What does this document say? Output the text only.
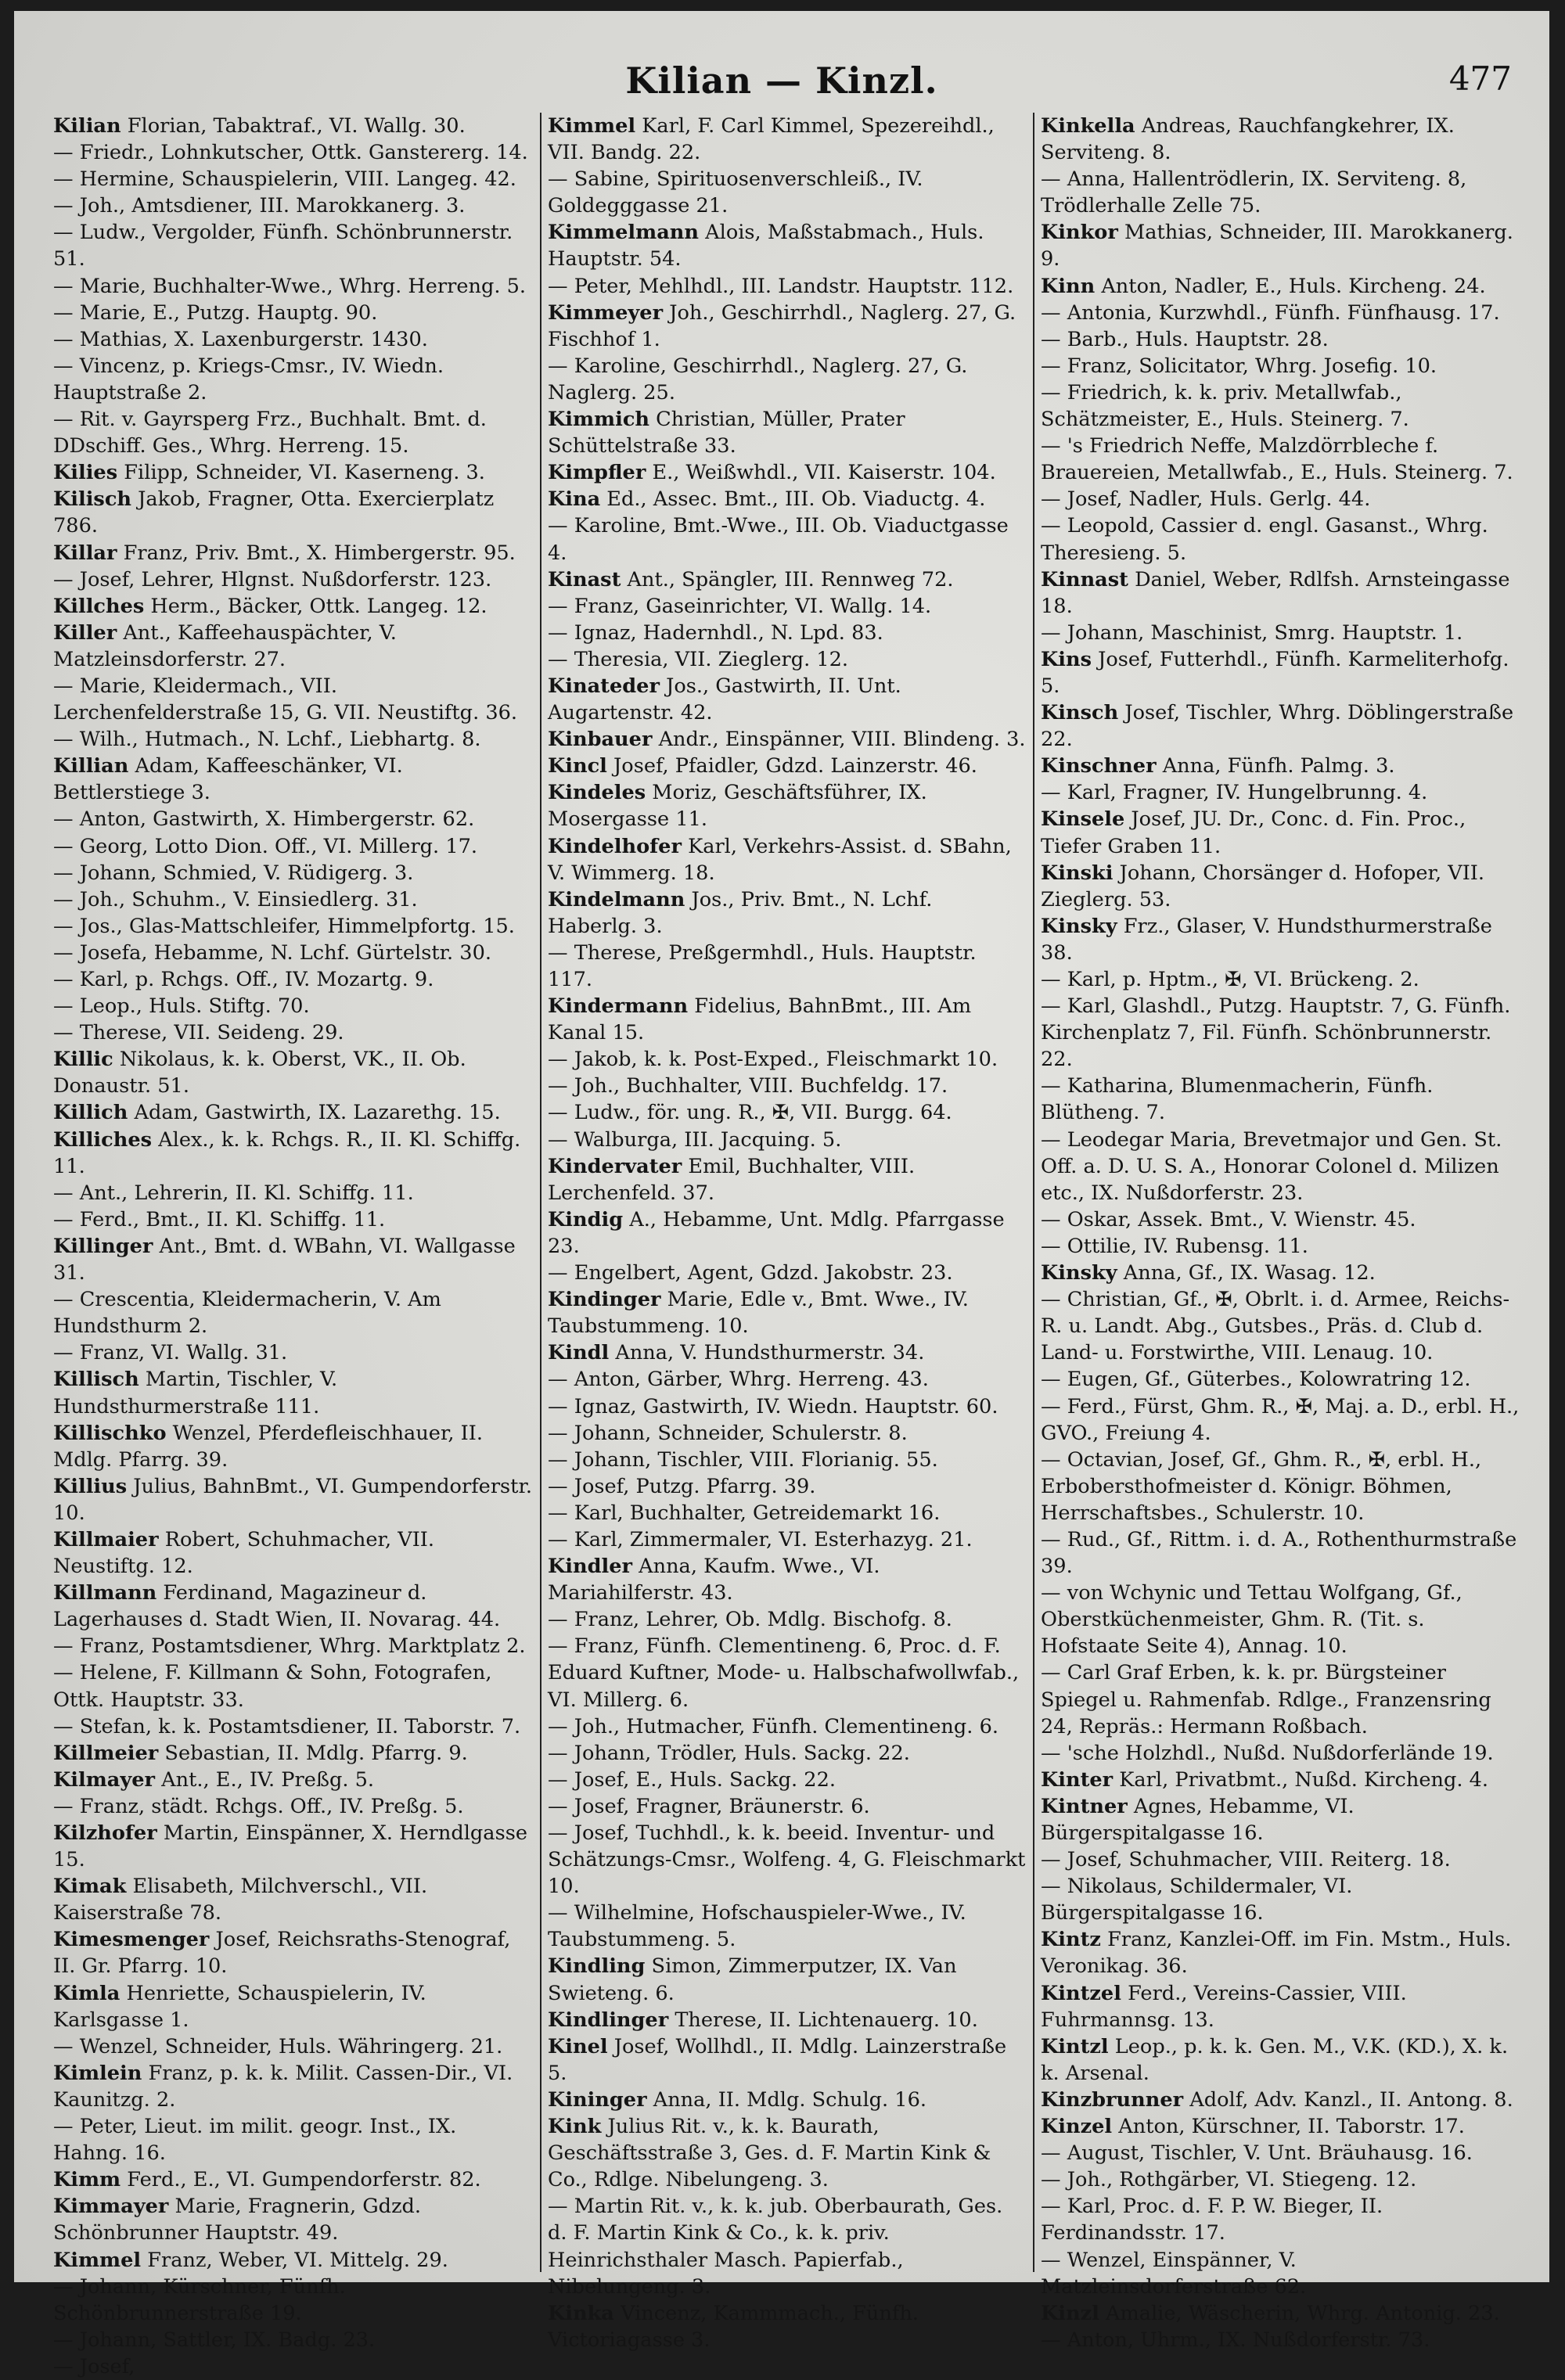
Kilian — Kinzl.	477

Kilian Florian, Tabaktraf., VI. Wallg. 30.

— Friedr., Lohnkutscher, Ottk. Ganstererg. 14.

— Hermine, Schauspielerin, VIII. Langeg. 42.

— Joh., Amtsdiener, III. Marokkanerg. 3.

— Ludw., Vergolder, Fünfh. Schönbrunnerstr. 51.

— Marie, Buchhalter-Wwe., Whrg. Herreng. 5.

— Marie, E., Putzg. Hauptg. 90.

— Mathias, X. Laxenburgerstr. 1430.

— Vincenz, p. Kriegs-Cmsr., IV. Wiedn. Hauptstraße 2.

— Rit. v. Gayrsperg Frz., Buchhalt. Bmt. d. DDschiff. Ges., Whrg. Herreng. 15.

Kilies Filipp, Schneider, VI. Kaserneng. 3.

Kilisch Jakob, Fragner, Otta. Exercierplatz 786.

Killar Franz, Priv. Bmt., X. Himbergerstr. 95.

— Josef, Lehrer, Hlgnst. Nußdorferstr. 123.

Killches Herm., Bäcker, Ottk. Langeg. 12.

Killer Ant., Kaffeehauspächter, V. Matzleinsdorferstr. 27.

— Marie, Kleidermach., VII. Lerchenfelderstraße 15, G. VII. Neustiftg. 36.

— Wilh., Hutmach., N. Lchf., Liebhartg. 8.

Killian Adam, Kaffeeschänker, VI. Bettlerstiege 3.

— Anton, Gastwirth, X. Himbergerstr. 62.

— Georg, Lotto Dion. Off., VI. Millerg. 17.

— Johann, Schmied, V. Rüdigerg. 3.

— Joh., Schuhm., V. Einsiedlerg. 31.

— Jos., Glas-Mattschleifer, Himmelpfortg. 15.

— Josefa, Hebamme, N. Lchf. Gürtelstr. 30.

— Karl, p. Rchgs. Off., IV. Mozartg. 9.

— Leop., Huls. Stiftg. 70.

— Therese, VII. Seideng. 29.

Killic Nikolaus, k. k. Oberst, VK., II. Ob. Donaustr. 51.

Killich Adam, Gastwirth, IX. Lazarethg. 15.

Killiches Alex., k. k. Rchgs. R., II. Kl. Schiffg. 11.

— Ant., Lehrerin, II. Kl. Schiffg. 11.

— Ferd., Bmt., II. Kl. Schiffg. 11.

Killinger Ant., Bmt. d. WBahn, VI. Wallgasse 31.

— Crescentia, Kleidermacherin, V. Am Hundsthurm 2.

— Franz, VI. Wallg. 31.

Killisch Martin, Tischler, V. Hundsthurmerstraße 111.

Killischko Wenzel, Pferdefleischhauer, II. Mdlg. Pfarrg. 39.

Killius Julius, BahnBmt., VI. Gumpendorferstr. 10.

Killmaier Robert, Schuhmacher, VII. Neustiftg. 12.

Killmann Ferdinand, Magazineur d. Lagerhauses d. Stadt Wien, II. Novarag. 44.

— Franz, Postamtsdiener, Whrg. Marktplatz 2.

— Helene, F. Killmann & Sohn, Fotografen, Ottk. Hauptstr. 33.

— Stefan, k. k. Postamtsdiener, II. Taborstr. 7.

Killmeier Sebastian, II. Mdlg. Pfarrg. 9.

Kilmayer Ant., E., IV. Preßg. 5.

— Franz, städt. Rchgs. Off., IV. Preßg. 5.

Kilzhofer Martin, Einspänner, X. Herndlgasse 15.

Kimak Elisabeth, Milchverschl., VII. Kaiserstraße 78.

Kimesmenger Josef, Reichsraths-Stenograf, II. Gr. Pfarrg. 10.

Kimla Henriette, Schauspielerin, IV. Karlsgasse 1.

— Wenzel, Schneider, Huls. Währingerg. 21.

Kimlein Franz, p. k. k. Milit. Cassen-Dir., VI. Kaunitzg. 2.

— Peter, Lieut. im milit. geogr. Inst., IX. Hahng. 16.

Kimm Ferd., E., VI. Gumpendorferstr. 82.

Kimmayer Marie, Fragnerin, Gdzd. Schönbrunner Hauptstr. 49.

Kimmel Franz, Weber, VI. Mittelg. 29.

— Johann, Kürschner, Fünfh. Schönbrunnerstraße 19.

— Johann, Sattler, IX. Badg. 23.

— Josef,

Kimmel Karl, F. Carl Kimmel, Spezereihdl., VII. Bandg. 22.

— Sabine, Spirituosenverschleiß., IV. Goldegggasse 21.

Kimmelmann Alois, Maßstabmach., Huls. Hauptstr. 54.

— Peter, Mehlhdl., III. Landstr. Hauptstr. 112.

Kimmeyer Joh., Geschirrhdl., Naglerg. 27, G. Fischhof 1.

— Karoline, Geschirrhdl., Naglerg. 27, G. Naglerg. 25.

Kimmich Christian, Müller, Prater Schüttelstraße 33.

Kimpfler E., Weißwhdl., VII. Kaiserstr. 104.

Kina Ed., Assec. Bmt., III. Ob. Viaductg. 4.

— Karoline, Bmt.-Wwe., III. Ob. Viaductgasse 4.

Kinast Ant., Spängler, III. Rennweg 72.

— Franz, Gaseinrichter, VI. Wallg. 14.

— Ignaz, Hadernhdl., N. Lpd. 83.

— Theresia, VII. Zieglerg. 12.

Kinateder Jos., Gastwirth, II. Unt. Augartenstr. 42.

Kinbauer Andr., Einspänner, VIII. Blindeng. 3.

Kincl Josef, Pfaidler, Gdzd. Lainzerstr. 46.

Kindeles Moriz, Geschäftsführer, IX. Mosergasse 11.

Kindelhofer Karl, Verkehrs-Assist. d. SBahn, V. Wimmerg. 18.

Kindelmann Jos., Priv. Bmt., N. Lchf. Haberlg. 3.

— Therese, Preßgermhdl., Huls. Hauptstr. 117.

Kindermann Fidelius, BahnBmt., III. Am Kanal 15.

— Jakob, k. k. Post-Exped., Fleischmarkt 10.

— Joh., Buchhalter, VIII. Buchfeldg. 17.

— Ludw., för. ung. R., ✠, VII. Burgg. 64.

— Walburga, III. Jacquing. 5.

Kindervater Emil, Buchhalter, VIII. Lerchenfeld. 37.

Kindig A., Hebamme, Unt. Mdlg. Pfarrgasse 23.

— Engelbert, Agent, Gdzd. Jakobstr. 23.

Kindinger Marie, Edle v., Bmt. Wwe., IV. Taubstummeng. 10.

Kindl Anna, V. Hundsthurmerstr. 34.

— Anton, Gärber, Whrg. Herreng. 43.

— Ignaz, Gastwirth, IV. Wiedn. Hauptstr. 60.

— Johann, Schneider, Schulerstr. 8.

— Johann, Tischler, VIII. Florianig. 55.

— Josef, Putzg. Pfarrg. 39.

— Karl, Buchhalter, Getreidemarkt 16.

— Karl, Zimmermaler, VI. Esterhazyg. 21.

Kindler Anna, Kaufm. Wwe., VI. Mariahilferstr. 43.

— Franz, Lehrer, Ob. Mdlg. Bischofg. 8.

— Franz, Fünfh. Clementineng. 6, Proc. d. F. Eduard Kuftner, Mode- u. Halbschafwollwfab., VI. Millerg. 6.

— Joh., Hutmacher, Fünfh. Clementineng. 6.

— Johann, Trödler, Huls. Sackg. 22.

— Josef, E., Huls. Sackg. 22.

— Josef, Fragner, Bräunerstr. 6.

— Josef, Tuchhdl., k. k. beeid. Inventur- und Schätzungs-Cmsr., Wolfeng. 4, G. Fleischmarkt 10.

— Wilhelmine, Hofschauspieler-Wwe., IV. Taubstummeng. 5.

Kindling Simon, Zimmerputzer, IX. Van Swieteng. 6.

Kindlinger Therese, II. Lichtenauerg. 10.

Kinel Josef, Wollhdl., II. Mdlg. Lainzerstraße 5.

Kininger Anna, II. Mdlg. Schulg. 16.

Kink Julius Rit. v., k. k. Baurath, Geschäftsstraße 3, Ges. d. F. Martin Kink & Co., Rdlge. Nibelungeng. 3.

— Martin Rit. v., k. k. jub. Oberbaurath, Ges. d. F. Martin Kink & Co., k. k. priv. Heinrichsthaler Masch. Papierfab., Nibelungeng. 3.

Kinka Vincenz, Kammmach., Fünfh. Victoriagasse 3.

Kinkella Andreas, Rauchfangkehrer, IX. Serviteng. 8.

— Anna, Hallentrödlerin, IX. Serviteng. 8, Trödlerhalle Zelle 75.

Kinkor Mathias, Schneider, III. Marokkanerg. 9.

Kinn Anton, Nadler, E., Huls. Kircheng. 24.

— Antonia, Kurzwhdl., Fünfh. Fünfhausg. 17.

— Barb., Huls. Hauptstr. 28.

— Franz, Solicitator, Whrg. Josefig. 10.

— Friedrich, k. k. priv. Metallwfab., Schätzmeister, E., Huls. Steinerg. 7.

— 's Friedrich Neffe, Malzdörrbleche f. Brauereien, Metallwfab., E., Huls. Steinerg. 7.

— Josef, Nadler, Huls. Gerlg. 44.

— Leopold, Cassier d. engl. Gasanst., Whrg. Theresieng. 5.

Kinnast Daniel, Weber, Rdlfsh. Arnsteingasse 18.

— Johann, Maschinist, Smrg. Hauptstr. 1.

Kins Josef, Futterhdl., Fünfh. Karmeliterhofg. 5.

Kinsch Josef, Tischler, Whrg. Döblingerstraße 22.

Kinschner Anna, Fünfh. Palmg. 3.

— Karl, Fragner, IV. Hungelbrunng. 4.

Kinsele Josef, JU. Dr., Conc. d. Fin. Proc., Tiefer Graben 11.

Kinski Johann, Chorsänger d. Hofoper, VII. Zieglerg. 53.

Kinsky Frz., Glaser, V. Hundsthurmerstraße 38.

— Karl, p. Hptm., ✠, VI. Brückeng. 2.

— Karl, Glashdl., Putzg. Hauptstr. 7, G. Fünfh. Kirchenplatz 7, Fil. Fünfh. Schönbrunnerstr. 22.

— Katharina, Blumenmacherin, Fünfh. Blütheng. 7.

— Leodegar Maria, Brevetmajor und Gen. St. Off. a. D. U. S. A., Honorar Colonel d. Milizen etc., IX. Nußdorferstr. 23.

— Oskar, Assek. Bmt., V. Wienstr. 45.

— Ottilie, IV. Rubensg. 11.

Kinsky Anna, Gf., IX. Wasag. 12.

— Christian, Gf., ✠, Obrlt. i. d. Armee, Reichs-R. u. Landt. Abg., Gutsbes., Präs. d. Club d. Land- u. Forstwirthe, VIII. Lenaug. 10.

— Eugen, Gf., Güterbes., Kolowratring 12.

— Ferd., Fürst, Ghm. R., ✠, Maj. a. D., erbl. H., GVO., Freiung 4.

— Octavian, Josef, Gf., Ghm. R., ✠, erbl. H., Erbobersthofmeister d. Königr. Böhmen, Herrschaftsbes., Schulerstr. 10.

— Rud., Gf., Rittm. i. d. A., Rothenthurmstraße 39.

— von Wchynic und Tettau Wolfgang, Gf., Oberstküchenmeister, Ghm. R. (Tit. s. Hofstaate Seite 4), Annag. 10.

— Carl Graf Erben, k. k. pr. Bürgsteiner Spiegel u. Rahmenfab. Rdlge., Franzensring 24, Repräs.: Hermann Roßbach.

— 'sche Holzhdl., Nußd. Nußdorferlände 19.

Kinter Karl, Privatbmt., Nußd. Kircheng. 4.

Kintner Agnes, Hebamme, VI. Bürgerspitalgasse 16.

— Josef, Schuhmacher, VIII. Reiterg. 18.

— Nikolaus, Schildermaler, VI. Bürgerspitalgasse 16.

Kintz Franz, Kanzlei-Off. im Fin. Mstm., Huls. Veronikag. 36.

Kintzel Ferd., Vereins-Cassier, VIII. Fuhrmannsg. 13.

Kintzl Leop., p. k. k. Gen. M., V.K. (KD.), X. k. k. Arsenal.

Kinzbrunner Adolf, Adv. Kanzl., II. Antong. 8.

Kinzel Anton, Kürschner, II. Taborstr. 17.

— August, Tischler, V. Unt. Bräuhausg. 16.

— Joh., Rothgärber, VI. Stiegeng. 12.

— Karl, Proc. d. F. P. W. Bieger, II. Ferdinandsstr. 17.

— Wenzel, Einspänner, V. Matzleinsdorferstraße 62.

Kinzl Amalie, Wäscherin, Whrg. Antonig. 23.

— Anton, Uhrm., IX. Nußdorferstr. 73.
